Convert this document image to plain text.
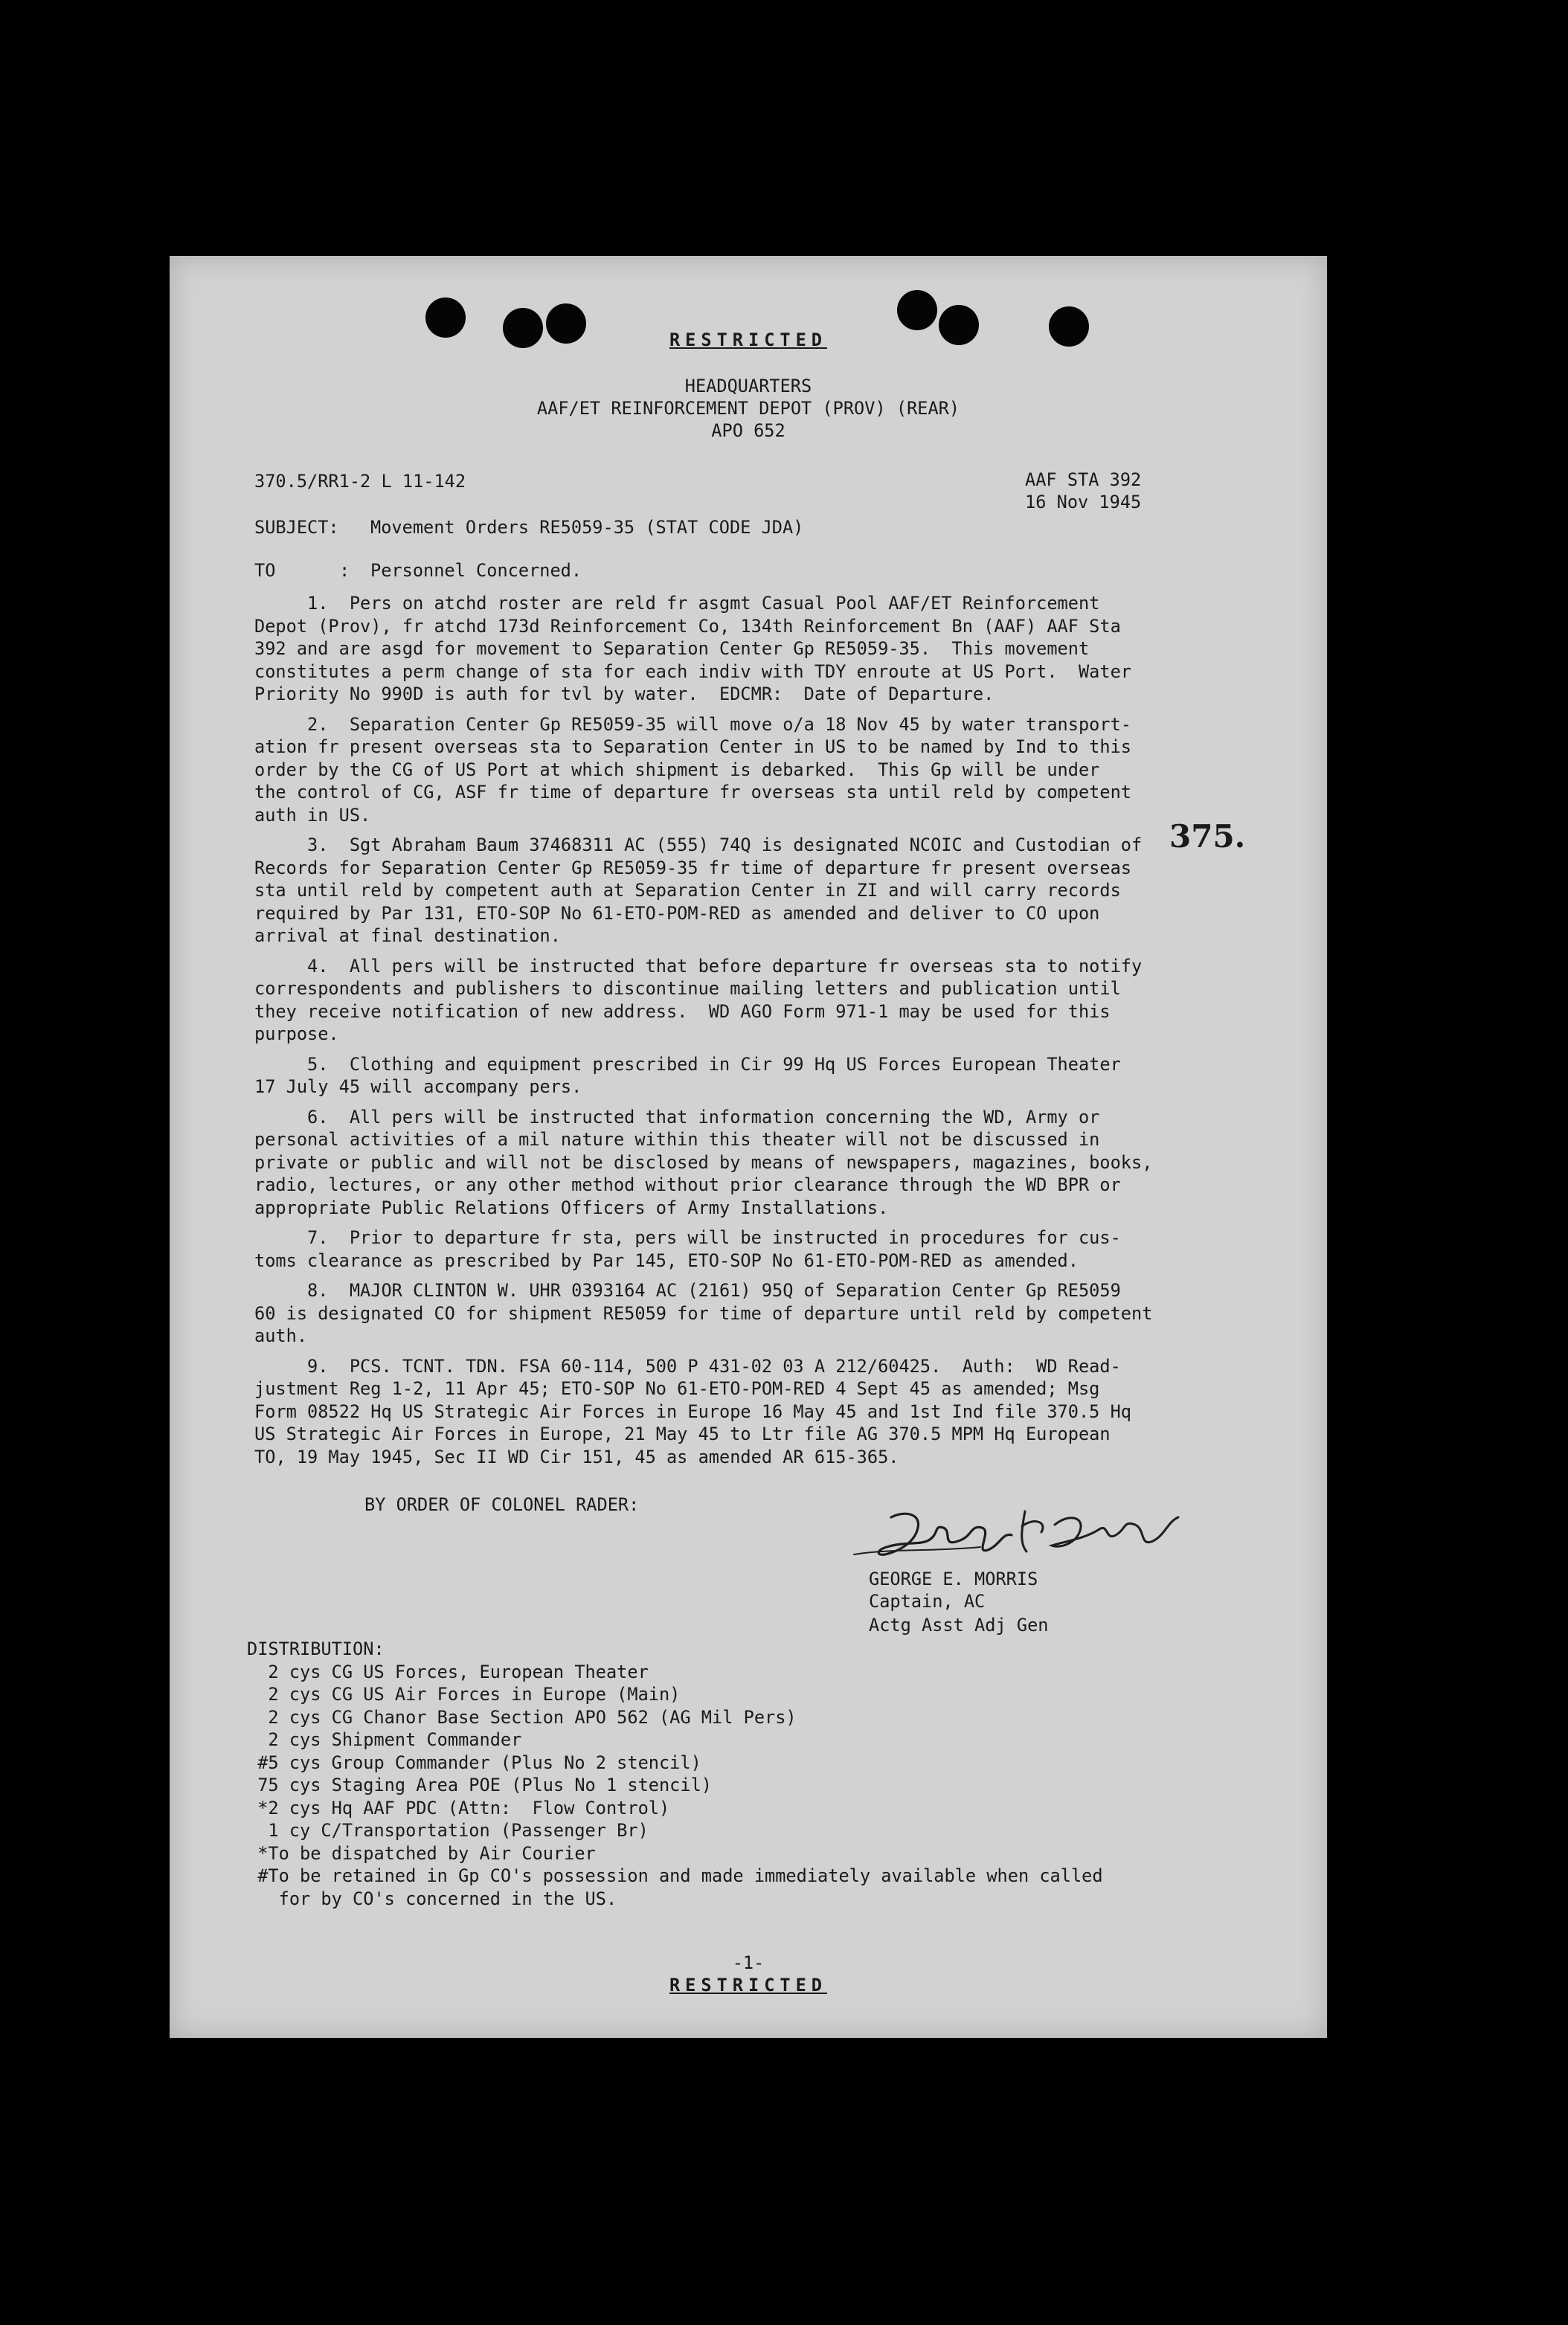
RESTRICTED
HEADQUARTERS
AAF/ET REINFORCEMENT DEPOT (PROV) (REAR)
APO 652
370.5/RR1-2 L 11-142	AAF STA 392
16 Nov 1945
SUBJECT: Movement Orders RE5059-35 (STAT CODE JDA)
TO	: Personnel Concerned.
1.  Pers on atchd roster are reld fr asgmt Casual Pool AAF/ET Reinforcement
Depot (Prov), fr atchd 173d Reinforcement Co, 134th Reinforcement Bn (AAF) AAF Sta
392 and are asgd for movement to Separation Center Gp RE5059-35.  This movement
constitutes a perm change of sta for each indiv with TDY enroute at US Port.  Water
Priority No 990D is auth for tvl by water.  EDCMR:  Date of Departure.
2.  Separation Center Gp RE5059-35 will move o/a 18 Nov 45 by water transport-
ation fr present overseas sta to Separation Center in US to be named by Ind to this
order by the CG of US Port at which shipment is debarked.  This Gp will be under
the control of CG, ASF fr time of departure fr overseas sta until reld by competent
auth in US.
3.  Sgt Abraham Baum 37468311 AC (555) 74Q is designated NCOIC and Custodian of
Records for Separation Center Gp RE5059-35 fr time of departure fr present overseas
sta until reld by competent auth at Separation Center in ZI and will carry records
required by Par 131, ETO-SOP No 61-ETO-POM-RED as amended and deliver to CO upon
arrival at final destination.
4.  All pers will be instructed that before departure fr overseas sta to notify
correspondents and publishers to discontinue mailing letters and publication until
they receive notification of new address.  WD AGO Form 971-1 may be used for this
purpose.
5.  Clothing and equipment prescribed in Cir 99 Hq US Forces European Theater
17 July 45 will accompany pers.
6.  All pers will be instructed that information concerning the WD, Army or
personal activities of a mil nature within this theater will not be discussed in
private or public and will not be disclosed by means of newspapers, magazines, books,
radio, lectures, or any other method without prior clearance through the WD BPR or
appropriate Public Relations Officers of Army Installations.
7.  Prior to departure fr sta, pers will be instructed in procedures for cus-
toms clearance as prescribed by Par 145, ETO-SOP No 61-ETO-POM-RED as amended.
8.  MAJOR CLINTON W. UHR 0393164 AC (2161) 95Q of Separation Center Gp RE5059
60 is designated CO for shipment RE5059 for time of departure until reld by competent
auth.
9.  PCS. TCNT. TDN. FSA 60-114, 500 P 431-02 03 A 212/60425.  Auth:  WD Read-
justment Reg 1-2, 11 Apr 45; ETO-SOP No 61-ETO-POM-RED 4 Sept 45 as amended; Msg
Form 08522 Hq US Strategic Air Forces in Europe 16 May 45 and 1st Ind file 370.5 Hq
US Strategic Air Forces in Europe, 21 May 45 to Ltr file AG 370.5 MPM Hq European
TO, 19 May 1945, Sec II WD Cir 151, 45 as amended AR 615-365.
375.
BY ORDER OF COLONEL RADER:
GEORGE E. MORRIS
Captain, AC
Actg Asst Adj Gen
DISTRIBUTION:
2 cys CG US Forces, European Theater
2 cys CG US Air Forces in Europe (Main)
2 cys CG Chanor Base Section APO 562 (AG Mil Pers)
2 cys Shipment Commander
#5 cys Group Commander (Plus No 2 stencil)
75 cys Staging Area POE (Plus No 1 stencil)
*2 cys Hq AAF PDC (Attn:  Flow Control)
1 cy C/Transportation (Passenger Br)
*To be dispatched by Air Courier
#To be retained in Gp CO's possession and made immediately available when called
for by CO's concerned in the US.
-1-
RESTRICTED
